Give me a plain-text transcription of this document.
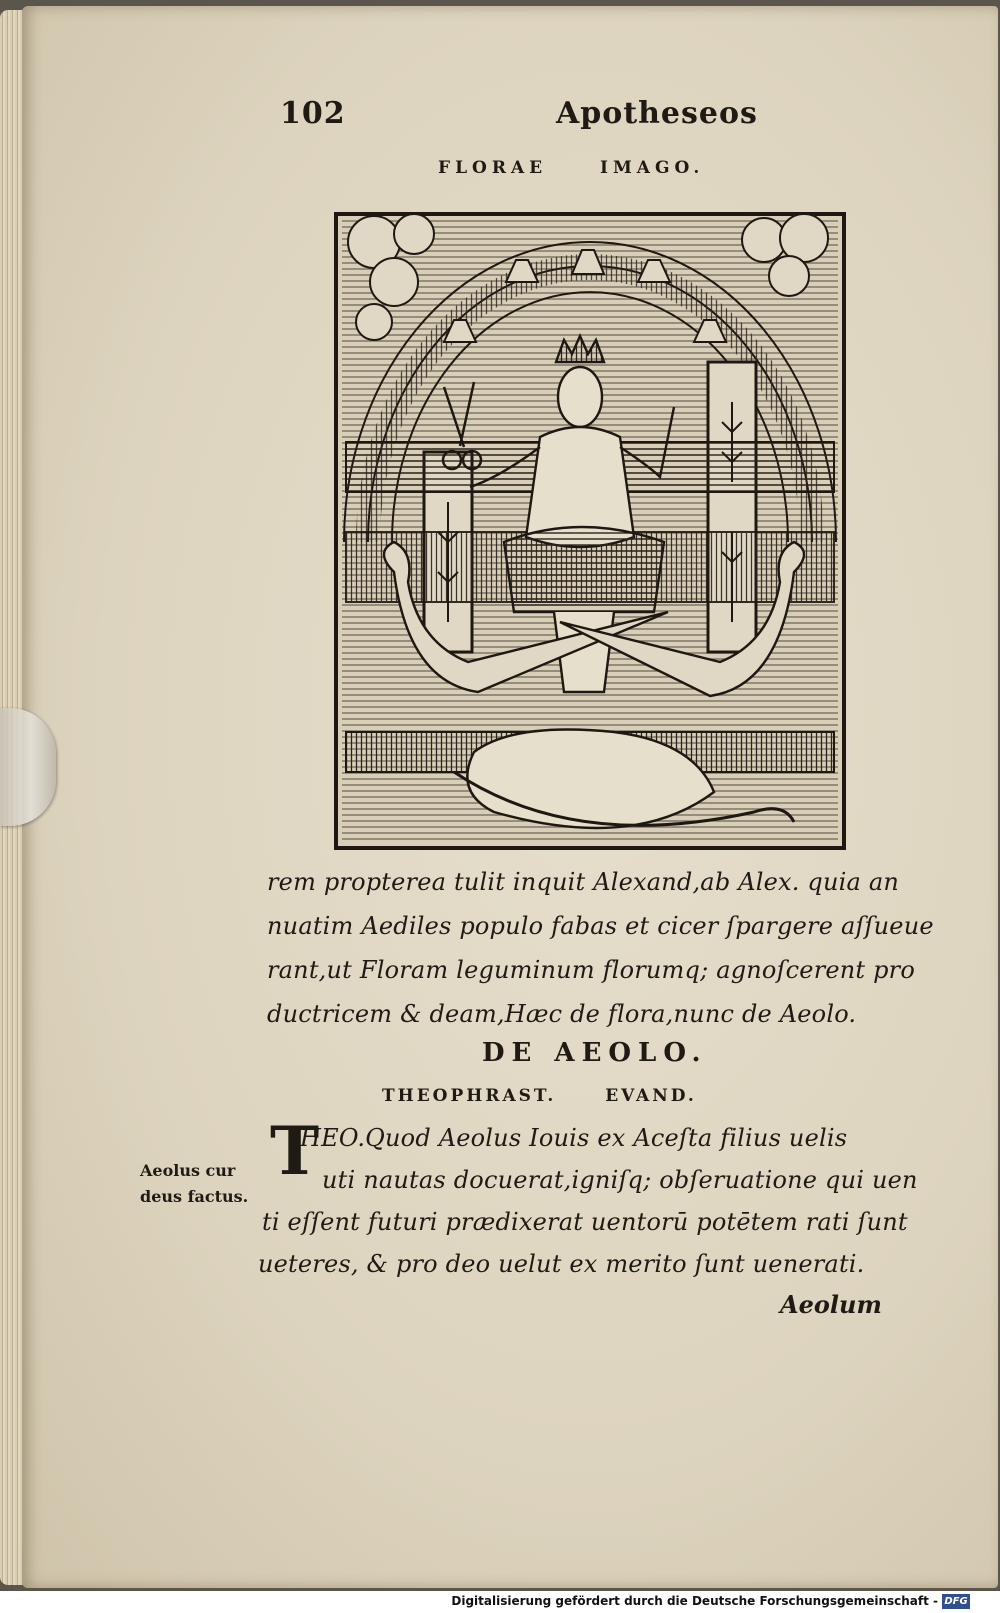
102	Apotheseos
FLORAE IMAGO.
rem propterea tulit inquit Alexand,ab Alex. quia an
nuatim Aediles populo fabas et cicer ſpargere aſſueue
rant,ut Floram leguminum florumq; agnoſcerent pro
ductricem & deam,Hæc de flora,nunc de Aeolo.
DE AEOLO.
THEOPHRAST. EVAND.
T
HEO.Quod Aeolus Iouis ex Aceſta filius uelis
uti nautas docuerat,igniſq; obſeruatione qui uen
ti eſſent futuri prædixerat uentorū potētem rati ſunt
ueteres, & pro deo uelut ex merito ſunt uenerati.
Aeolus cur
deus factus.
Aeolum
Digitalisierung gefördert durch die Deutsche Forschungsgemeinschaft - DFG
